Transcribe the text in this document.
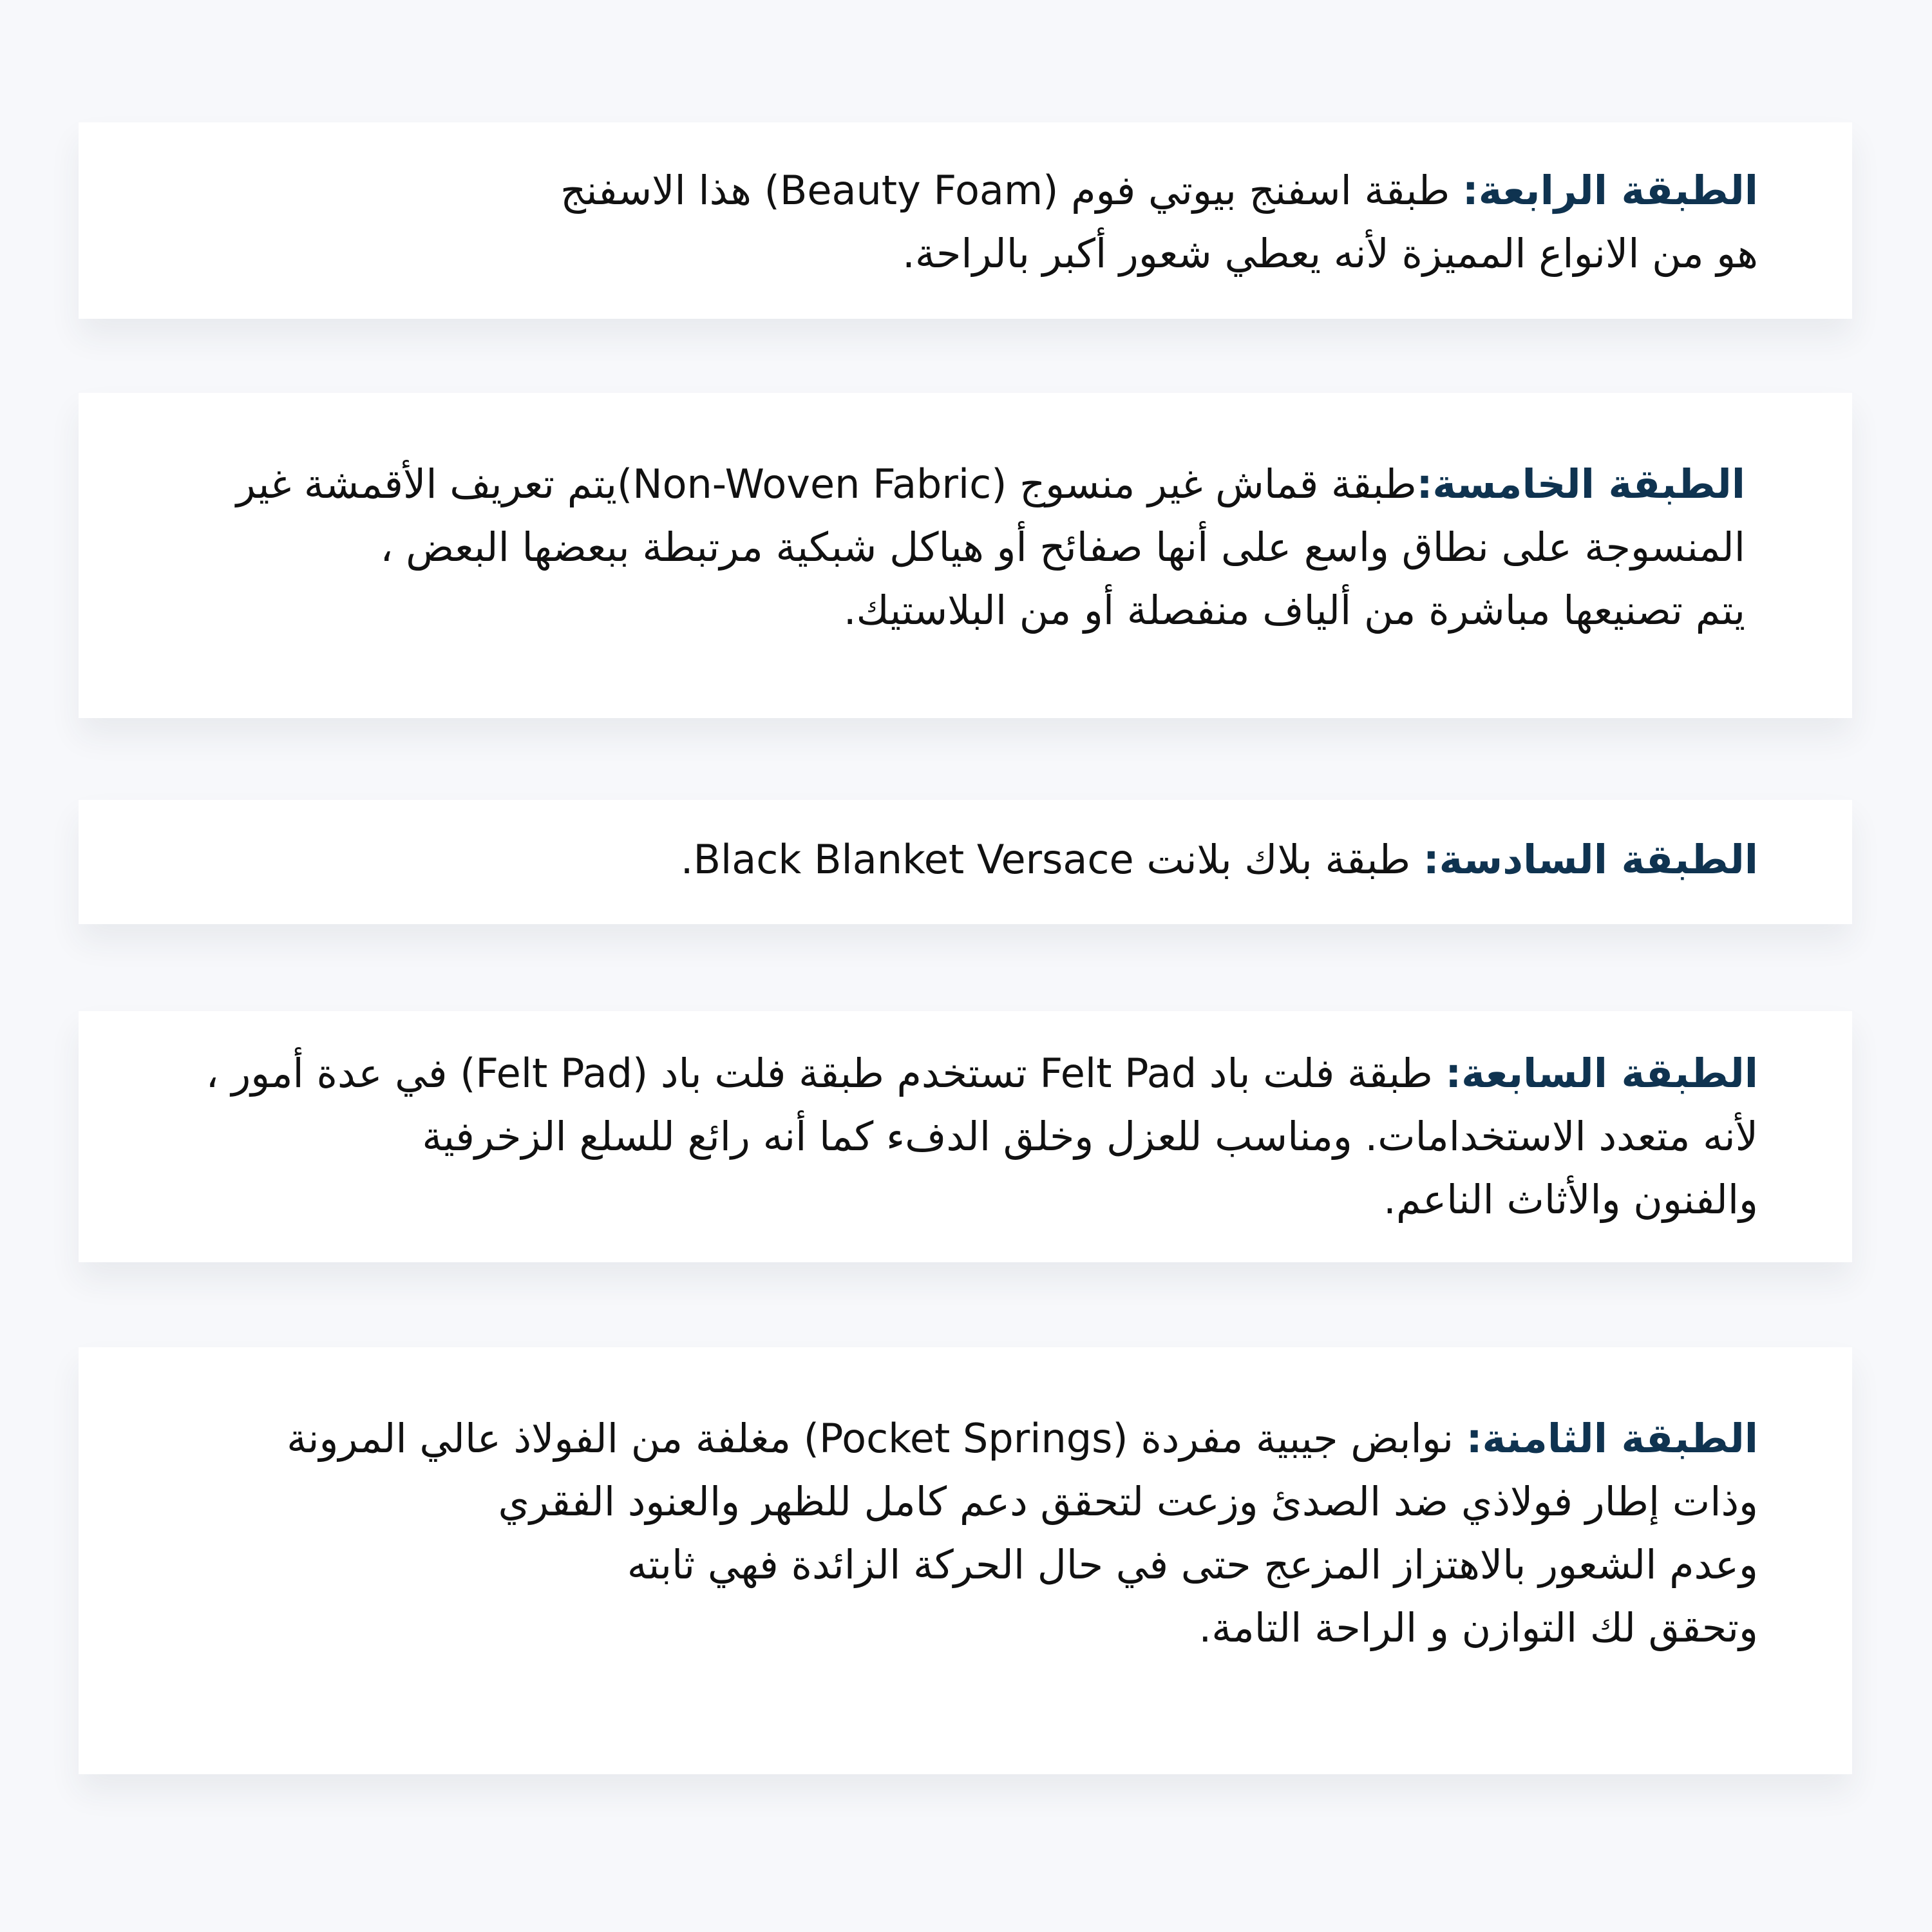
الطبقة الرابعة: طبقة اسفنج بيوتي فوم (Beauty Foam) هذا الاسفنج
هو من الانواع المميزة لأنه يعطي شعور أكبر بالراحة.

الطبقة الخامسة:طبقة قماش غير منسوج (Non-Woven Fabric)يتم تعريف الأقمشة غير
المنسوجة على نطاق واسع على أنها صفائح أو هياكل شبكية مرتبطة ببعضها البعض ،
يتم تصنيعها مباشرة من ألياف منفصلة أو من البلاستيك.

الطبقة السادسة: طبقة بلاك بلانت Black Blanket Versace.

الطبقة السابعة: طبقة فلت باد Felt Pad تستخدم طبقة فلت باد (Felt Pad) في عدة أمور ،
لأنه متعدد الاستخدامات. ومناسب للعزل وخلق الدفء كما أنه رائع للسلع الزخرفية
والفنون والأثاث الناعم.

الطبقة الثامنة: نوابض جيبية مفردة (Pocket Springs) مغلفة من الفولاذ عالي المرونة
وذات إطار فولاذي ضد الصدئ وزعت لتحقق دعم كامل للظهر والعنود الفقري
وعدم الشعور بالاهتزاز المزعج حتى في حال الحركة الزائدة فهي ثابته
وتحقق لك التوازن و الراحة التامة.
